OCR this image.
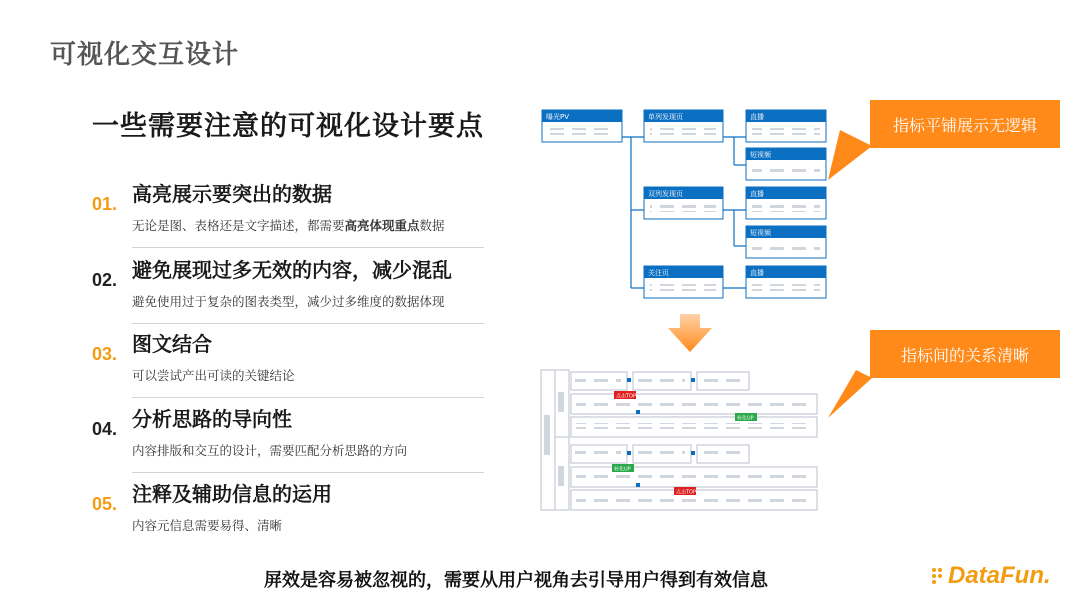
可视化交互设计
一些需要注意的可视化设计要点
01. 高亮展示要突出的数据
无论是图、表格还是文字描述，都需要高亮体现重点数据
02. 避免展现过多无效的内容，减少混乱
避免使用过于复杂的图表类型，减少过多维度的数据体现
03. 图文结合
可以尝试产出可读的关键结论
04. 分析思路的导向性
内容排版和交互的设计，需要匹配分析思路的方向
05. 注释及辅助信息的运用
内容元信息需要易得、清晰
曝光PV	单列发现页
双列发现页
关注页
直播
短视频
直播
短视频
直播
点击TOP
转化UP
转化UP
点击TOP
指标平铺展示无逻辑
指标间的关系清晰
屏效是容易被忽视的，需要从用户视角去引导用户得到有效信息	DataFun.
